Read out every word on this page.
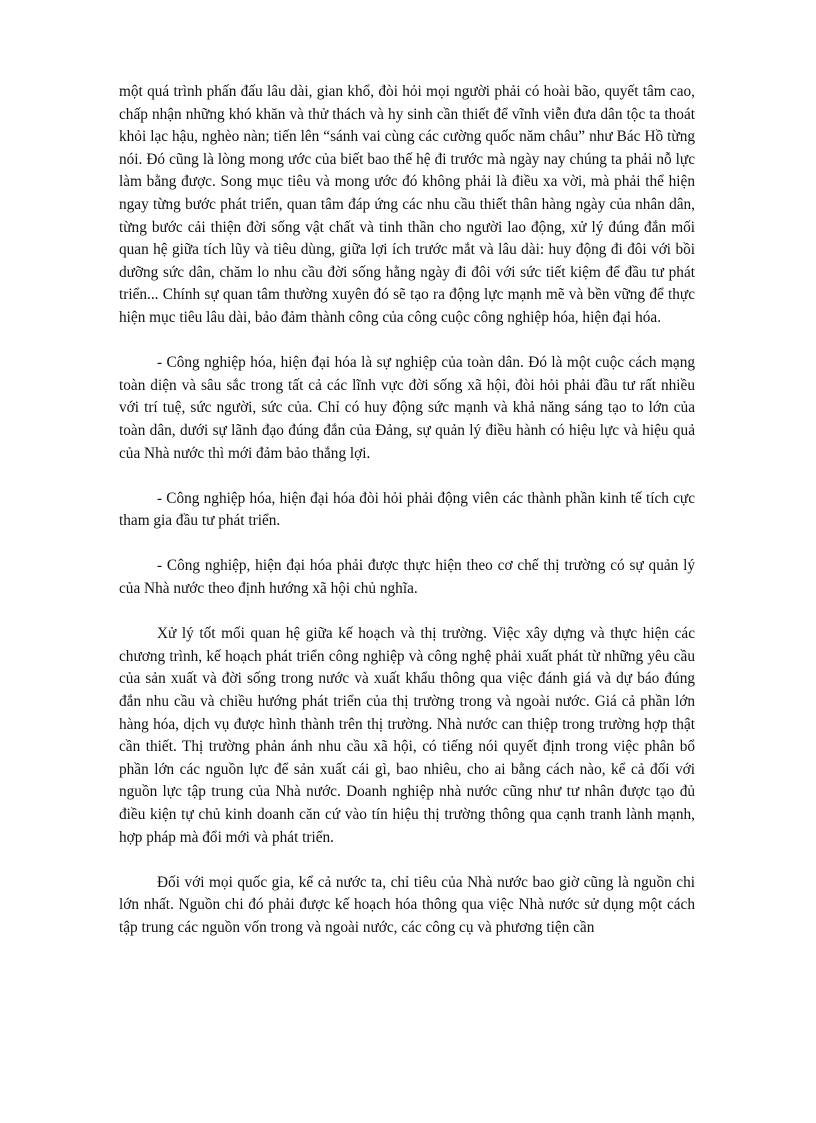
một quá trình phấn đấu lâu dài, gian khổ, đòi hỏi mọi người phải có hoài bão, quyết tâm cao, chấp nhận những khó khăn và thử thách và hy sinh cần thiết để vĩnh viễn đưa dân tộc ta thoát khỏi lạc hậu, nghèo nàn; tiến lên “sánh vai cùng các cường quốc năm châu” như Bác Hồ từng nói. Đó cũng là lòng mong ước của biết bao thế hệ đi trước mà ngày nay chúng ta phải nỗ lực làm bằng được. Song mục tiêu và mong ước đó không phải là điều xa vời, mà phải thể hiện ngay từng bước phát triển, quan tâm đáp ứng các nhu cầu thiết thân hàng ngày của nhân dân, từng bước cải thiện đời sống vật chất và tinh thần cho người lao động, xử lý đúng đắn mối quan hệ giữa tích lũy và tiêu dùng, giữa lợi ích trước mắt và lâu dài: huy động đi đôi với bồi dưỡng sức dân, chăm lo nhu cầu đời sống hằng ngày đi đôi với sức tiết kiệm để đầu tư phát triển... Chính sự quan tâm thường xuyên đó sẽ tạo ra động lực mạnh mẽ và bền vững để thực hiện mục tiêu lâu dài, bảo đảm thành công của công cuộc công nghiệp hóa, hiện đại hóa.

- Công nghiệp hóa, hiện đại hóa là sự nghiệp của toàn dân. Đó là một cuộc cách mạng toàn diện và sâu sắc trong tất cả các lĩnh vực đời sống xã hội, đòi hỏi phải đầu tư rất nhiều với trí tuệ, sức người, sức của. Chỉ có huy động sức mạnh và khả năng sáng tạo to lớn của toàn dân, dưới sự lãnh đạo đúng đắn của Đảng, sự quản lý điều hành có hiệu lực và hiệu quả của Nhà nước thì mới đảm bảo thắng lợi.

- Công nghiệp hóa, hiện đại hóa đòi hỏi phải động viên các thành phần kinh tế tích cực tham gia đầu tư phát triển.

- Công nghiệp, hiện đại hóa phải được thực hiện theo cơ chế thị trường có sự quản lý của Nhà nước theo định hướng xã hội chủ nghĩa.

Xử lý tốt mối quan hệ giữa kế hoạch và thị trường. Việc xây dựng và thực hiện các chương trình, kế hoạch phát triển công nghiệp và công nghệ phải xuất phát từ những yêu cầu của sản xuất và đời sống trong nước và xuất khẩu thông qua việc đánh giá và dự báo đúng đắn nhu cầu và chiều hướng phát triển của thị trường trong và ngoài nước. Giá cả phần lớn hàng hóa, dịch vụ được hình thành trên thị trường. Nhà nước can thiệp trong trường hợp thật cần thiết. Thị trường phản ánh nhu cầu xã hội, có tiếng nói quyết định trong việc phân bổ phần lớn các nguồn lực để sản xuất cái gì, bao nhiêu, cho ai bằng cách nào, kể cả đối với nguồn lực tập trung của Nhà nước. Doanh nghiệp nhà nước cũng như tư nhân được tạo đủ điều kiện tự chủ kinh doanh căn cứ vào tín hiệu thị trường thông qua cạnh tranh lành mạnh, hợp pháp mà đổi mới và phát triển.

Đối với mọi quốc gia, kể cả nước ta, chỉ tiêu của Nhà nước bao giờ cũng là nguồn chi lớn nhất. Nguồn chi đó phải được kế hoạch hóa thông qua việc Nhà nước sử dụng một cách tập trung các nguồn vốn trong và ngoài nước, các công cụ và phương tiện cần
